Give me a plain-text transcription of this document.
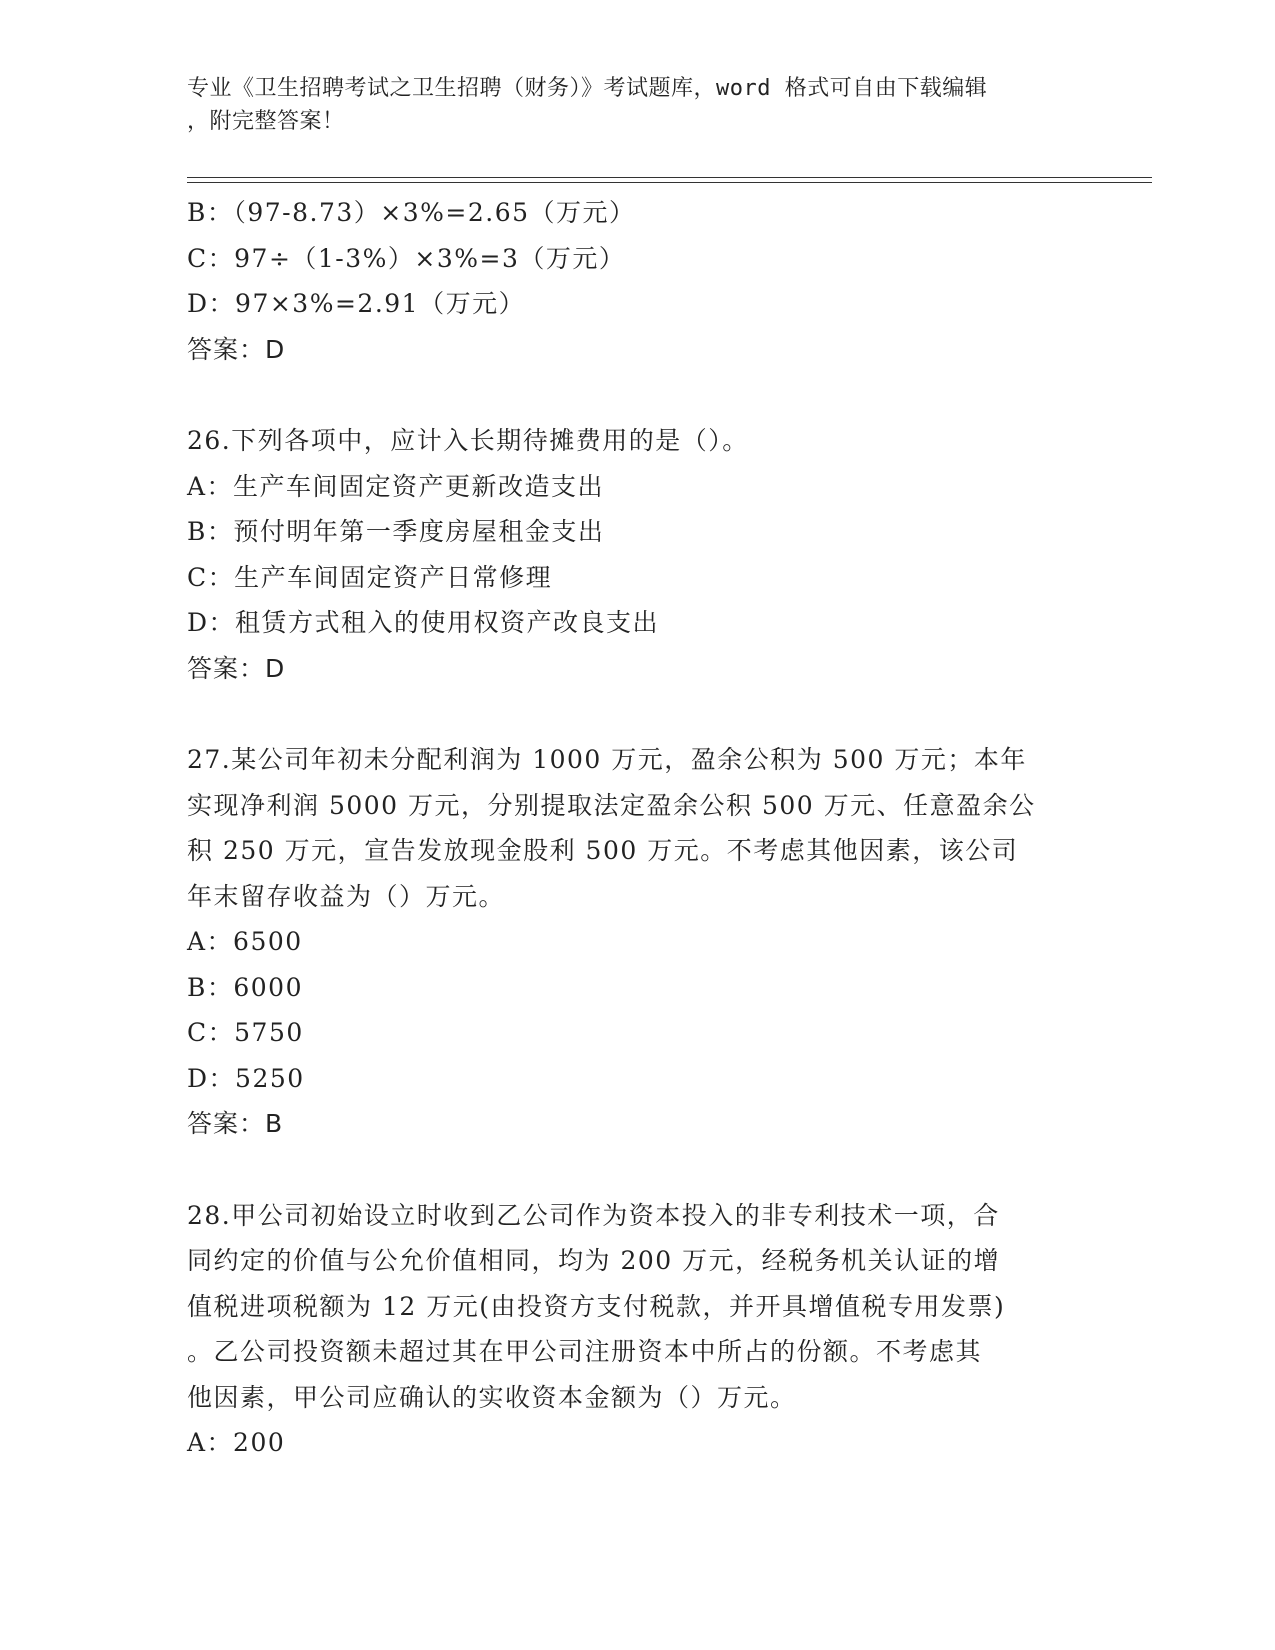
专业《卫生招聘考试之卫生招聘（财务）》考试题库，word 格式可自由下载编辑
，附完整答案！
B：（97-8.73）×3%=2.65（万元）
C：97÷（1-3%）×3%=3（万元）
D：97×3%=2.91（万元）
答案：D
26.下列各项中，应计入长期待摊费用的是（）。
A：生产车间固定资产更新改造支出
B：预付明年第一季度房屋租金支出
C：生产车间固定资产日常修理
D：租赁方式租入的使用权资产改良支出
答案：D
27.某公司年初未分配利润为 1000 万元，盈余公积为 500 万元；本年
实现净利润 5000 万元，分别提取法定盈余公积 500 万元、任意盈余公
积 250 万元，宣告发放现金股利 500 万元。不考虑其他因素，该公司
年末留存收益为（）万元。
A：6500
B：6000
C：5750
D：5250
答案：B
28.甲公司初始设立时收到乙公司作为资本投入的非专利技术一项，合
同约定的价值与公允价值相同，均为 200 万元，经税务机关认证的增
值税进项税额为 12 万元(由投资方支付税款，并开具增值税专用发票)
。乙公司投资额未超过其在甲公司注册资本中所占的份额。不考虑其
他因素，甲公司应确认的实收资本金额为（）万元。
A：200
